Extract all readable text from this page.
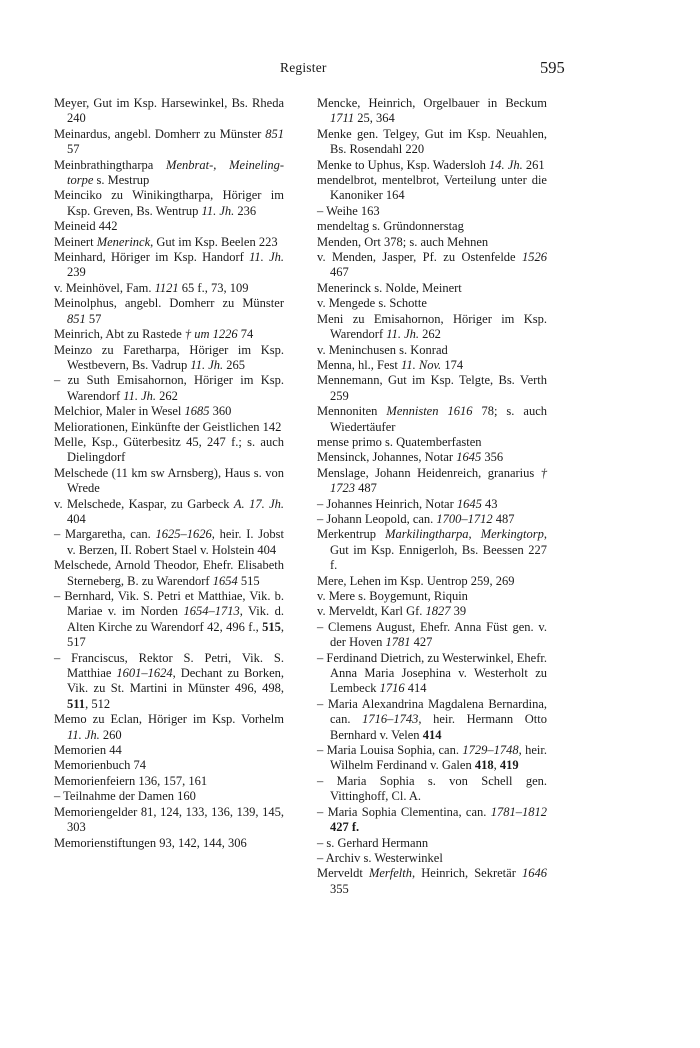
Register	595
Meyer, Gut im Ksp. Harsewinkel, Bs. Rheda 240
Meinardus, angebl. Domherr zu Münster 851 57
Meinbrathingtharpa Menbrat-, Meineling-torpe s. Mestrup
Meinciko zu Winikingtharpa, Höriger im Ksp. Greven, Bs. Wentrup 11. Jh. 236
Meineid 442
Meinert Menerinck, Gut im Ksp. Beelen 223
Meinhard, Höriger im Ksp. Handorf 11. Jh. 239
v. Meinhövel, Fam. 1121 65 f., 73, 109
Meinolphus, angebl. Domherr zu Münster 851 57
Meinrich, Abt zu Rastede † um 1226 74
Meinzo zu Faretharpa, Höriger im Ksp. Westbevern, Bs. Vadrup 11. Jh. 265
– zu Suth Emisahornon, Höriger im Ksp. Warendorf 11. Jh. 262
Melchior, Maler in Wesel 1685 360
Meliorationen, Einkünfte der Geistlichen 142
Melle, Ksp., Güterbesitz 45, 247 f.; s. auch Dielingdorf
Melschede (11 km sw Arnsberg), Haus s. von Wrede
v. Melschede, Kaspar, zu Garbeck A. 17. Jh. 404
– Margaretha, can. 1625–1626, heir. I. Jobst v. Berzen, II. Robert Stael v. Holstein 404
Melschede, Arnold Theodor, Ehefr. Elisabeth Sterneberg, B. zu Warendorf 1654 515
– Bernhard, Vik. S. Petri et Matthiae, Vik. b. Mariae v. im Norden 1654–1713, Vik. d. Alten Kirche zu Warendorf 42, 496 f., 515, 517
– Franciscus, Rektor S. Petri, Vik. S. Matthiae 1601–1624, Dechant zu Borken, Vik. zu St. Martini in Münster 496, 498, 511, 512
Memo zu Eclan, Höriger im Ksp. Vorhelm 11. Jh. 260
Memorien 44
Memorienbuch 74
Memorienfeiern 136, 157, 161
– Teilnahme der Damen 160
Memoriengelder 81, 124, 133, 136, 139, 145, 303
Memorienstiftungen 93, 142, 144, 306
Mencke, Heinrich, Orgelbauer in Beckum 1711 25, 364
Menke gen. Telgey, Gut im Ksp. Neuahlen, Bs. Rosendahl 220
Menke to Uphus, Ksp. Wadersloh 14. Jh. 261
mendelbrot, mentelbrot, Verteilung unter die Kanoniker 164
– Weihe 163
mendeltag s. Gründonnerstag
Menden, Ort 378; s. auch Mehnen
v. Menden, Jasper, Pf. zu Ostenfelde 1526 467
Menerinck s. Nolde, Meinert
v. Mengede s. Schotte
Meni zu Emisahornon, Höriger im Ksp. Warendorf 11. Jh. 262
v. Meninchusen s. Konrad
Menna, hl., Fest 11. Nov. 174
Mennemann, Gut im Ksp. Telgte, Bs. Verth 259
Mennoniten Mennisten 1616 78; s. auch Wiedertäufer
mense primo s. Quatemberfasten
Mensinck, Johannes, Notar 1645 356
Menslage, Johann Heidenreich, granarius † 1723 487
– Johannes Heinrich, Notar 1645 43
– Johann Leopold, can. 1700–1712 487
Merkentrup Markilingtharpa, Merkingtorp, Gut im Ksp. Ennigerloh, Bs. Beessen 227 f.
Mere, Lehen im Ksp. Uentrop 259, 269
v. Mere s. Boygemunt, Riquin
v. Merveldt, Karl Gf. 1827 39
– Clemens August, Ehefr. Anna Füst gen. v. der Hoven 1781 427
– Ferdinand Dietrich, zu Westerwinkel, Ehefr. Anna Maria Josephina v. Westerholt zu Lembeck 1716 414
– Maria Alexandrina Magdalena Bernardina, can. 1716–1743, heir. Hermann Otto Bernhard v. Velen 414
– Maria Louisa Sophia, can. 1729–1748, heir. Wilhelm Ferdinand v. Galen 418, 419
– Maria Sophia s. von Schell gen. Vittinghoff, Cl. A.
– Maria Sophia Clementina, can. 1781–1812 427 f.
– s. Gerhard Hermann
– Archiv s. Westerwinkel
Merveldt Merfelth, Heinrich, Sekretär 1646 355
